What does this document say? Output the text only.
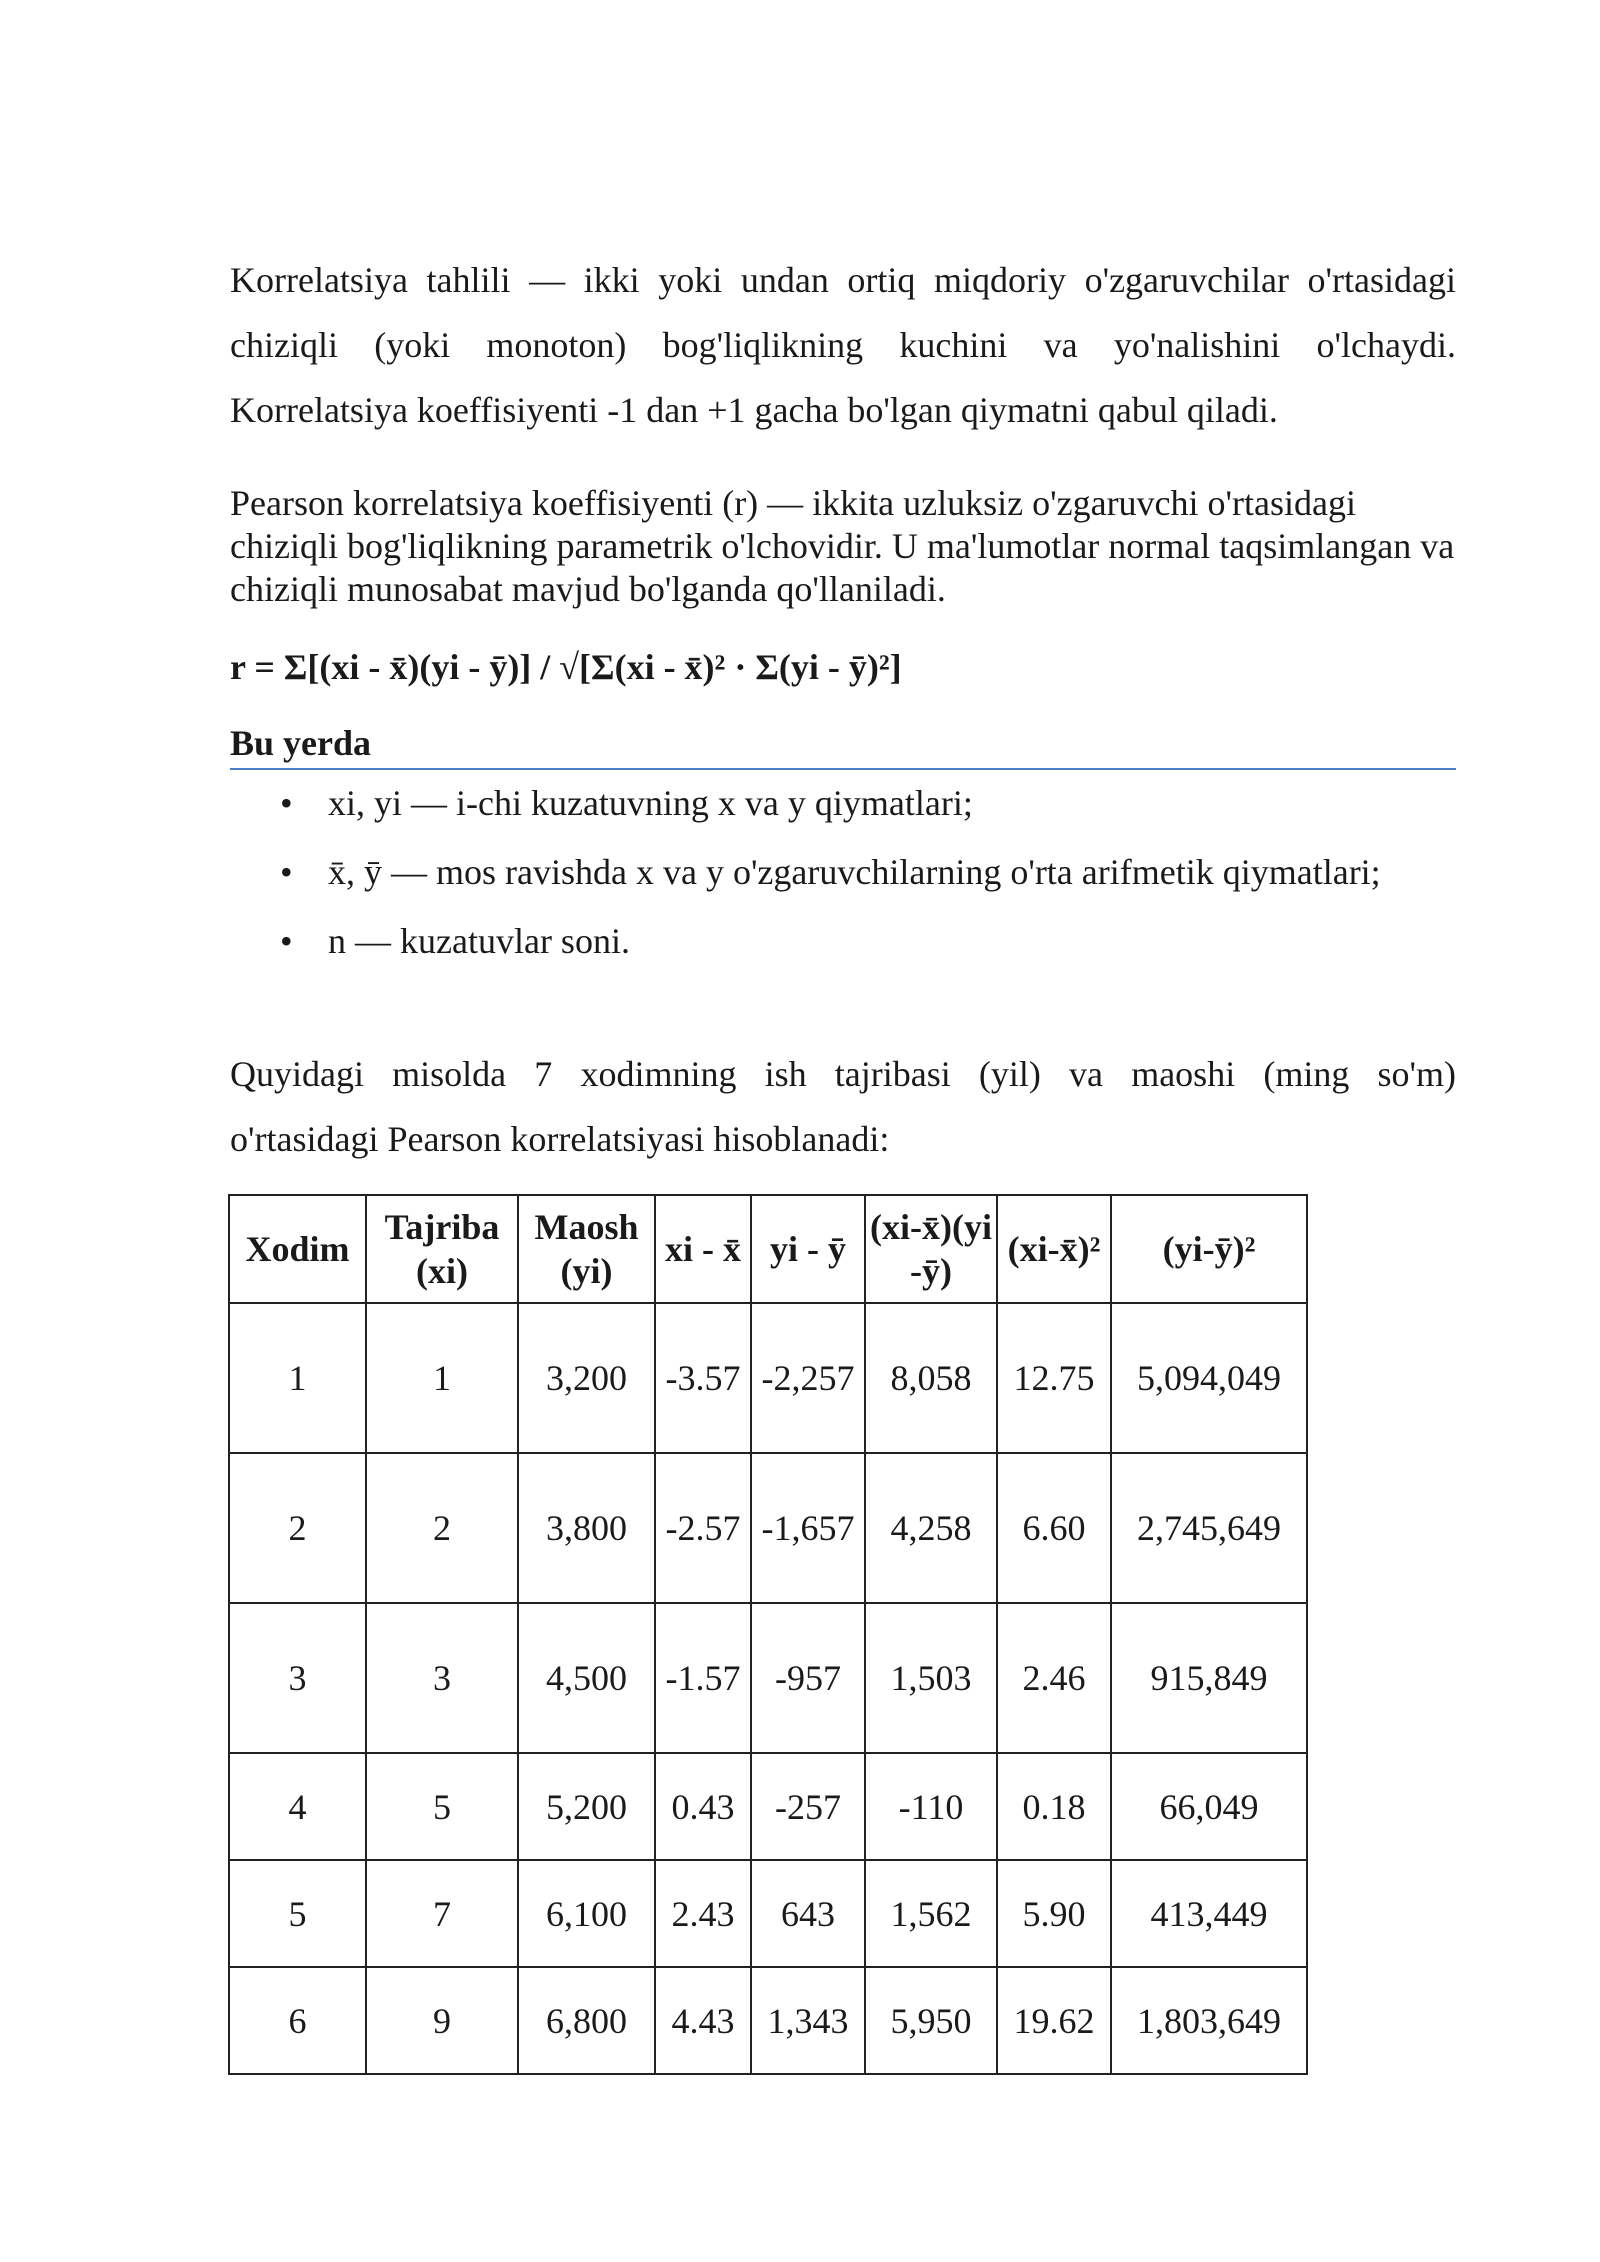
Korrelatsiya tahlili — ikki yoki undan ortiq miqdoriy o'zgaruvchilar o'rtasidagi chiziqli (yoki monoton) bog'liqlikning kuchini va yo'nalishini o'lchaydi.
Korrelatsiya koeffisiyenti -1 dan +1 gacha bo'lgan qiymatni qabul qiladi.

Pearson korrelatsiya koeffisiyenti (r) — ikkita uzluksiz o'zgaruvchi o'rtasidagi chiziqli bog'liqlikning parametrik o'lchovidir. U ma'lumotlar normal taqsimlangan va chiziqli munosabat mavjud bo'lganda qo'llaniladi.

r = Σ[(xi - x̄)(yi - ȳ)] / √[Σ(xi - x̄)² · Σ(yi - ȳ)²]

Bu yerda

• xi, yi — i-chi kuzatuvning x va y qiymatlari;
• x̄, ȳ — mos ravishda x va y o'zgaruvchilarning o'rta arifmetik qiymatlari;
• n — kuzatuvlar soni.

Quyidagi misolda 7 xodimning ish tajribasi (yil) va maoshi (ming so'm)
o'rtasidagi Pearson korrelatsiyasi hisoblanadi:

Xodim	Tajriba (xi)	Maosh (yi)	xi - x̄	yi - ȳ	(xi-x̄)(yi-ȳ)	(xi-x̄)²	(yi-ȳ)²
1	1	3,200	-3.57	-2,257	8,058	12.75	5,094,049
2	2	3,800	-2.57	-1,657	4,258	6.60	2,745,649
3	3	4,500	-1.57	-957	1,503	2.46	915,849
4	5	5,200	0.43	-257	-110	0.18	66,049
5	7	6,100	2.43	643	1,562	5.90	413,449
6	9	6,800	4.43	1,343	5,950	19.62	1,803,649
